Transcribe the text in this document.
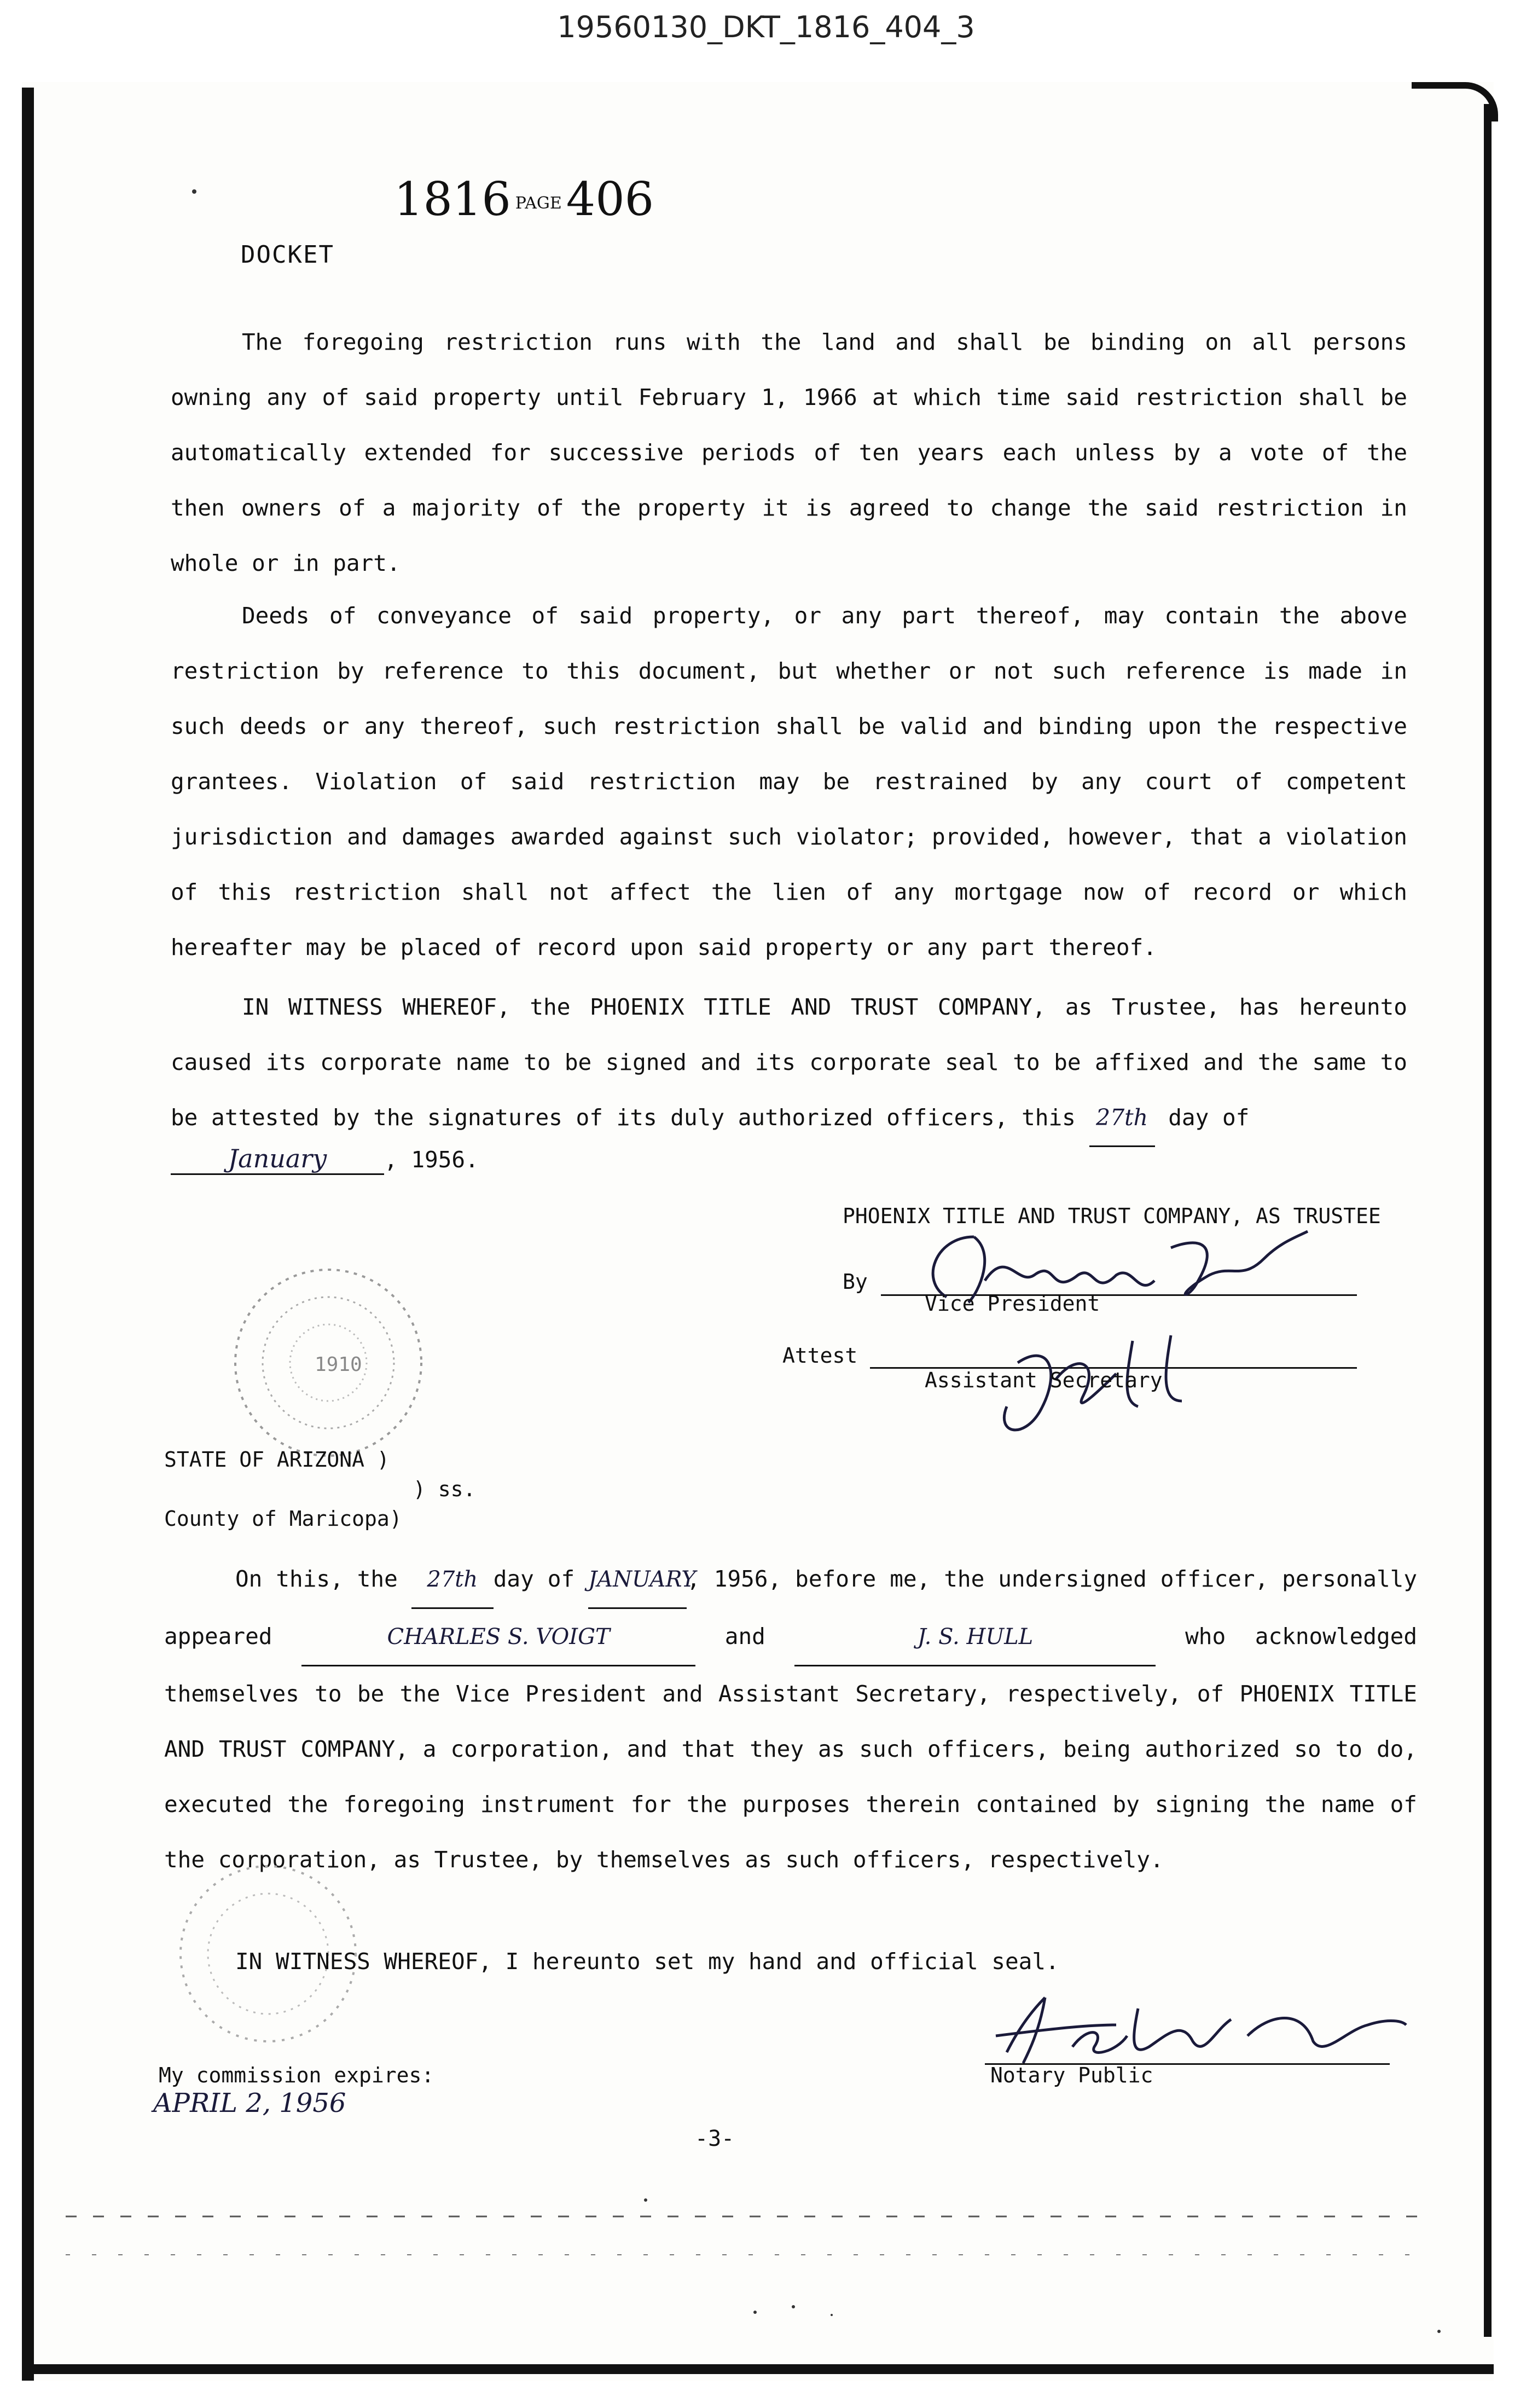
19560130_DKT_1816_404_3
1816 PAGE406
DOCKET

The foregoing restriction runs with the land and shall be binding on all persons owning any of said property until February 1, 1966 at which time said restriction shall be automatically extended for successive periods of ten years each unless by a vote of the then owners of a majority of the property it is agreed to change the said restriction in whole or in part.

Deeds of conveyance of said property, or any part thereof, may contain the above restriction by reference to this document, but whether or not such reference is made in such deeds or any thereof, such restriction shall be valid and binding upon the respective grantees. Violation of said restriction may be restrained by any court of competent jurisdiction and damages awarded against such violator; provided, however, that a violation of this restriction shall not affect the lien of any mortgage now of record or which hereafter may be placed of record upon said property or any part thereof.

IN WITNESS WHEREOF, the PHOENIX TITLE AND TRUST COMPANY, as Trustee, has hereunto caused its corporate name to be signed and its corporate seal to be affixed and the same to be attested by the signatures of its duly authorized officers, this 27th day of

January	, 1956.
1910
PHOENIX TITLE AND TRUST COMPANY, AS TRUSTEE
By
Vice President
Attest
Assistant Secretary
STATE OF ARIZONA )
) ss.
County of Maricopa)

On this, the 27th day of JANUARY, 1956, before me, the undersigned officer, personally appeared	CHARLES S. VOIGT	and	J. S. HULL	who acknowledged themselves to be the Vice President and Assistant Secretary, respectively, of PHOENIX TITLE AND TRUST COMPANY, a corporation, and that they as such officers, being authorized so to do, executed the foregoing instrument for the purposes therein contained by signing the name of the corporation, as Trustee, by themselves as such officers, respectively.

IN WITNESS WHEREOF, I hereunto set my hand and official seal.
Notary Public
My commission expires:
APRIL 2, 1956
-3-
